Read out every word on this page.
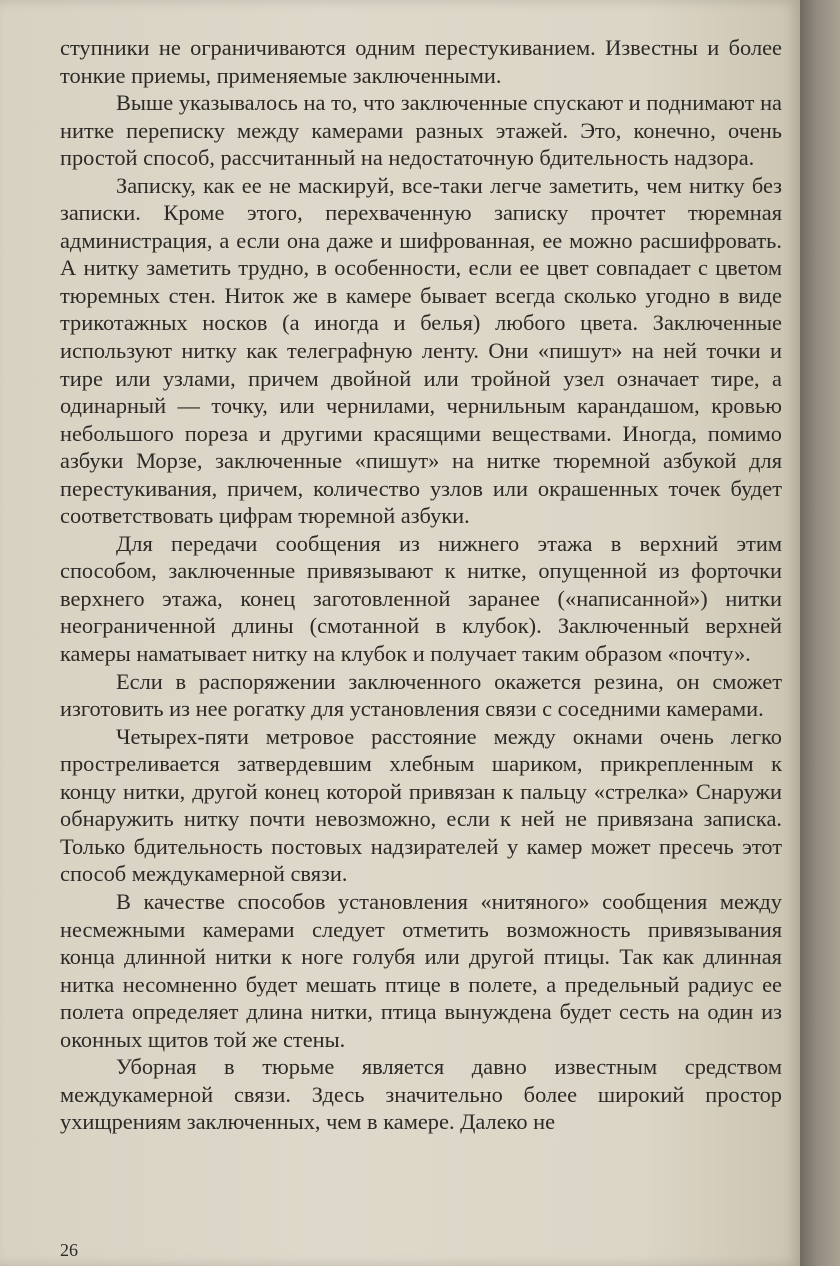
ступники не ограничиваются одним перестукиванием. Известны и более тонкие приемы, применяемые заключенными.

Выше указывалось на то, что заключенные спускают и поднимают на нитке переписку между камерами разных этажей. Это, конечно, очень простой способ, рассчитанный на недостаточную бдительность надзора.

Записку, как ее не маскируй, все-таки легче заметить, чем нитку без записки. Кроме этого, перехваченную записку прочтет тюремная администрация, а если она даже и шифрованная, ее можно расшифровать. А нитку заметить трудно, в особенности, если ее цвет совпадает с цветом тюремных стен. Ниток же в камере бывает всегда сколько угодно в виде трикотажных носков (а иногда и белья) любого цвета. Заключенные используют нитку как телеграфную ленту. Они «пишут» на ней точки и тире или узлами, причем двойной или тройной узел означает тире, а одинарный — точку, или чернилами, чернильным карандашом, кровью небольшого пореза и другими красящими веществами. Иногда, помимо азбуки Морзе, заключенные «пишут» на нитке тюремной азбукой для перестукивания, причем, количество узлов или окрашенных точек будет соответствовать цифрам тюремной азбуки.

Для передачи сообщения из нижнего этажа в верхний этим способом, заключенные привязывают к нитке, опущенной из форточки верхнего этажа, конец заготовленной заранее («написанной») нитки неограниченной длины (смотанной в клубок). Заключенный верхней камеры наматывает нитку на клубок и получает таким образом «почту».

Если в распоряжении заключенного окажется резина, он сможет изготовить из нее рогатку для установления связи с соседними камерами.

Четырех-пяти метровое расстояние между окнами очень легко простреливается затвердевшим хлебным шариком, прикрепленным к концу нитки, другой конец которой привязан к пальцу «стрелка» Снаружи обнаружить нитку почти невозможно, если к ней не привязана записка. Только бдительность постовых надзирателей у камер может пресечь этот способ междукамерной связи.

В качестве способов установления «нитяного» сообщения между несмежными камерами следует отметить возможность привязывания конца длинной нитки к ноге голубя или другой птицы. Так как длинная нитка несомненно будет мешать птице в полете, а предельный радиус ее полета определяет длина нитки, птица вынуждена будет сесть на один из оконных щитов той же стены.

Уборная в тюрьме является давно известным средством междукамерной связи. Здесь значительно более широкий простор ухищрениям заключенных, чем в камере. Далеко не

26
